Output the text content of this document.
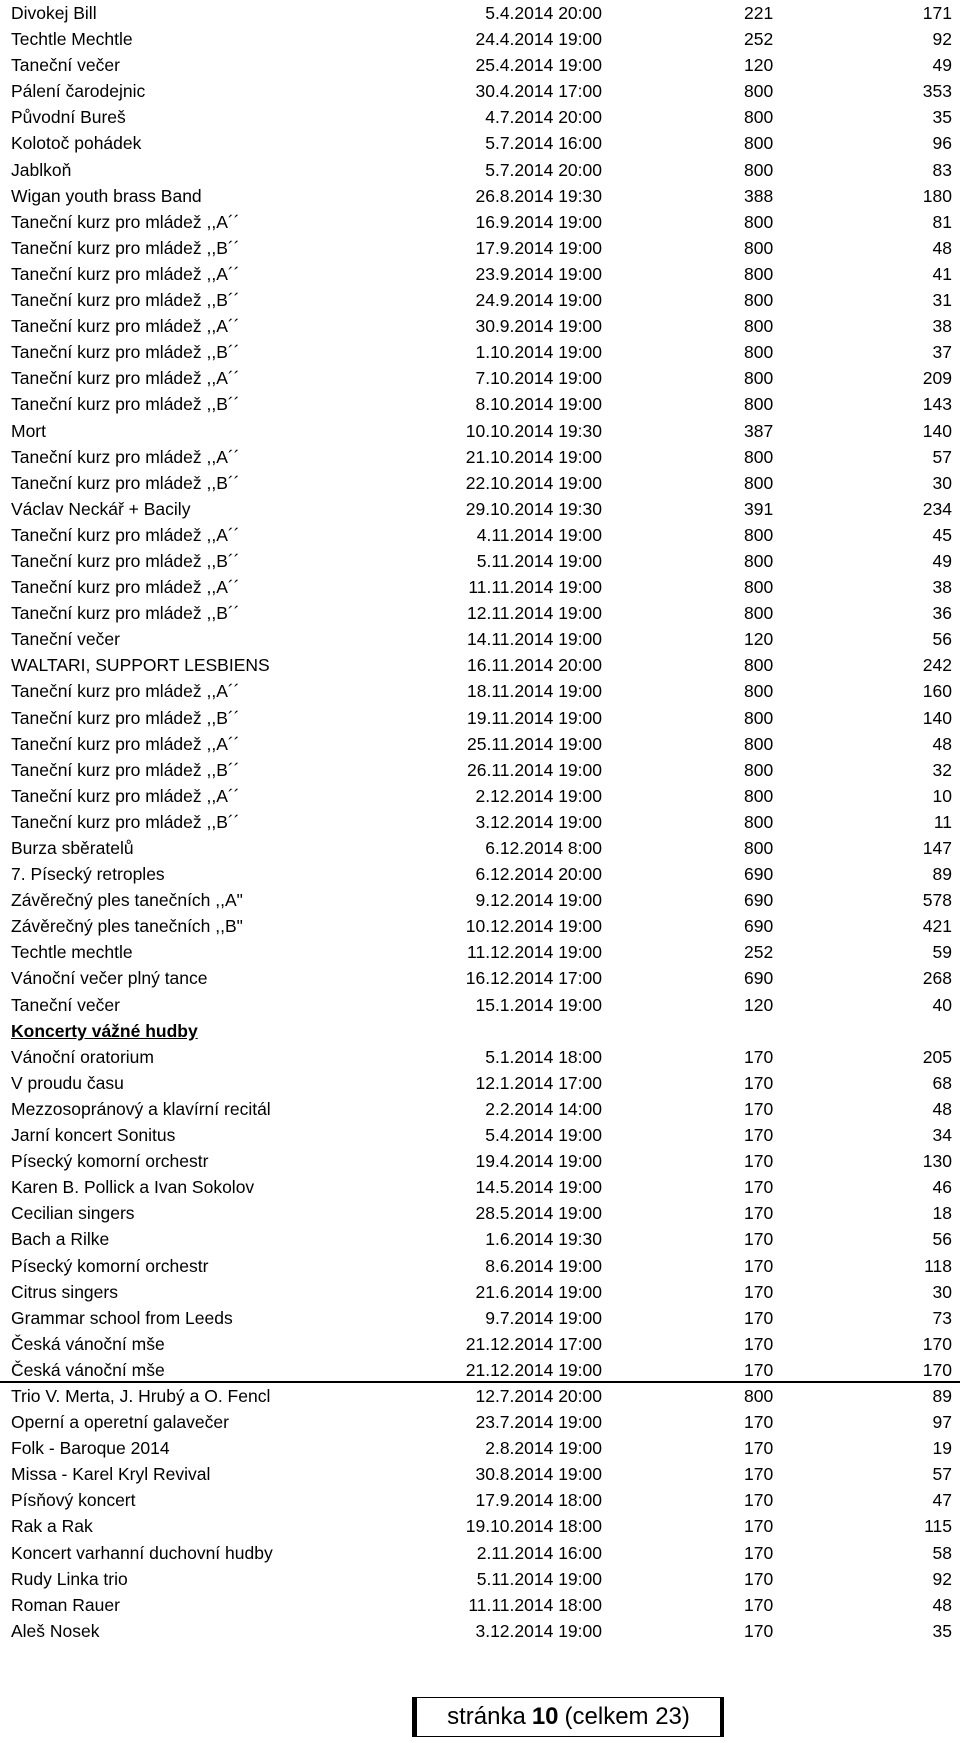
Divokej Bill	5.4.2014 20:00	221	171
Techtle Mechtle	24.4.2014 19:00	252	92
Taneční večer	25.4.2014 19:00	120	49
Pálení čarodejnic	30.4.2014 17:00	800	353
Původní Bureš	4.7.2014 20:00	800	35
Kolotoč pohádek	5.7.2014 16:00	800	96
Jablkoň	5.7.2014 20:00	800	83
Wigan youth brass Band	26.8.2014 19:30	388	180
Taneční kurz pro mládež ,,A´´	16.9.2014 19:00	800	81
Taneční kurz pro mládež ,,B´´	17.9.2014 19:00	800	48
Taneční kurz pro mládež ,,A´´	23.9.2014 19:00	800	41
Taneční kurz pro mládež ,,B´´	24.9.2014 19:00	800	31
Taneční kurz pro mládež ,,A´´	30.9.2014 19:00	800	38
Taneční kurz pro mládež ,,B´´	1.10.2014 19:00	800	37
Taneční kurz pro mládež ,,A´´	7.10.2014 19:00	800	209
Taneční kurz pro mládež ,,B´´	8.10.2014 19:00	800	143
Mort	10.10.2014 19:30	387	140
Taneční kurz pro mládež ,,A´´	21.10.2014 19:00	800	57
Taneční kurz pro mládež ,,B´´	22.10.2014 19:00	800	30
Václav Neckář + Bacily	29.10.2014 19:30	391	234
Taneční kurz pro mládež ,,A´´	4.11.2014 19:00	800	45
Taneční kurz pro mládež ,,B´´	5.11.2014 19:00	800	49
Taneční kurz pro mládež ,,A´´	11.11.2014 19:00	800	38
Taneční kurz pro mládež ,,B´´	12.11.2014 19:00	800	36
Taneční večer	14.11.2014 19:00	120	56
WALTARI, SUPPORT LESBIENS	16.11.2014 20:00	800	242
Taneční kurz pro mládež ,,A´´	18.11.2014 19:00	800	160
Taneční kurz pro mládež ,,B´´	19.11.2014 19:00	800	140
Taneční kurz pro mládež ,,A´´	25.11.2014 19:00	800	48
Taneční kurz pro mládež ,,B´´	26.11.2014 19:00	800	32
Taneční kurz pro mládež ,,A´´	2.12.2014 19:00	800	10
Taneční kurz pro mládež ,,B´´	3.12.2014 19:00	800	11
Burza sběratelů	6.12.2014 8:00	800	147
7. Písecký retroples	6.12.2014 20:00	690	89
Závěrečný ples tanečních ,,A"	9.12.2014 19:00	690	578
Závěrečný ples tanečních ,,B"	10.12.2014 19:00	690	421
Techtle mechtle	11.12.2014 19:00	252	59
Vánoční večer plný tance	16.12.2014 17:00	690	268
Taneční večer	15.1.2014 19:00	120	40
Koncerty vážné hudby
Vánoční oratorium	5.1.2014 18:00	170	205
V proudu času	12.1.2014 17:00	170	68
Mezzosopránový a klavírní recitál	2.2.2014 14:00	170	48
Jarní koncert Sonitus	5.4.2014 19:00	170	34
Písecký komorní orchestr	19.4.2014 19:00	170	130
Karen B. Pollick a Ivan Sokolov	14.5.2014 19:00	170	46
Cecilian singers	28.5.2014 19:00	170	18
Bach a Rilke	1.6.2014 19:30	170	56
Písecký komorní orchestr	8.6.2014 19:00	170	118
Citrus singers	21.6.2014 19:00	170	30
Grammar school from Leeds	9.7.2014 19:00	170	73
Česká vánoční mše	21.12.2014 17:00	170	170
Česká vánoční mše	21.12.2014 19:00	170	170
Trio V. Merta, J. Hrubý a O. Fencl	12.7.2014 20:00	800	89
Operní a operetní galavečer	23.7.2014 19:00	170	97
Folk - Baroque 2014	2.8.2014 19:00	170	19
Missa - Karel Kryl Revival	30.8.2014 19:00	170	57
Písňový koncert	17.9.2014 18:00	170	47
Rak a Rak	19.10.2014 18:00	170	115
Koncert varhanní duchovní hudby	2.11.2014 16:00	170	58
Rudy Linka trio	5.11.2014 19:00	170	92
Roman Rauer	11.11.2014 18:00	170	48
Aleš Nosek	3.12.2014 19:00	170	35
stránka 10 (celkem 23)
